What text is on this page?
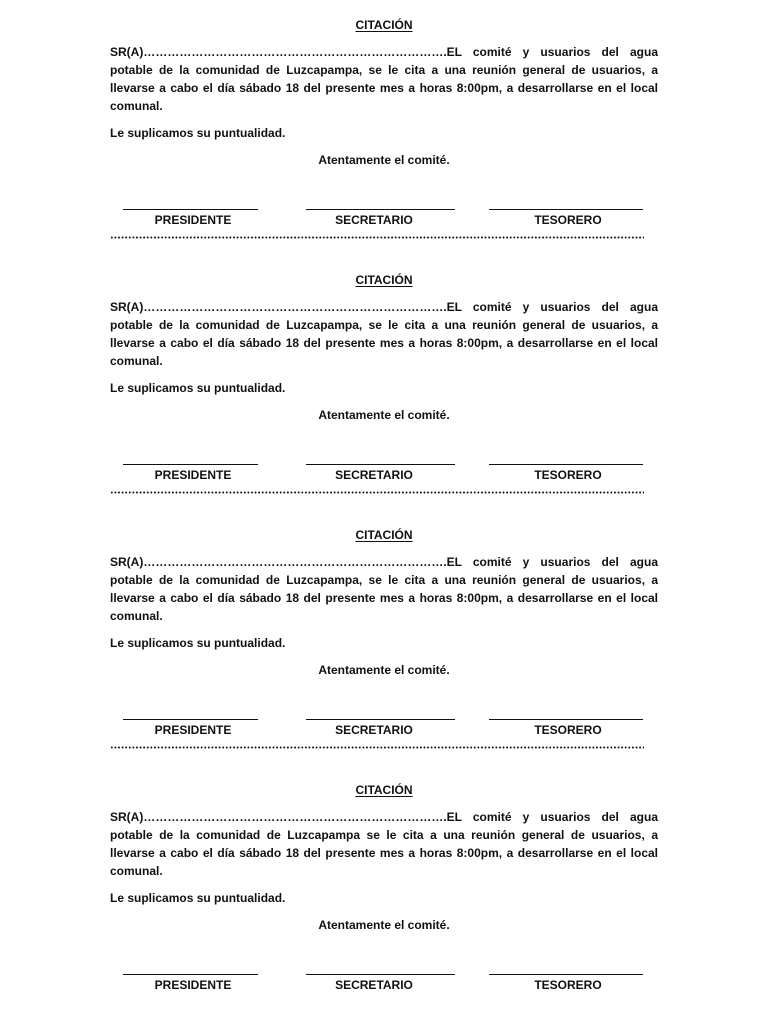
CITACIÓN
SR(A)………………………………………………………………….EL comité y usuarios del agua
potable de la comunidad de Luzcapampa, se le cita a una reunión general de usuarios, a
llevarse a cabo el día sábado 18 del presente mes a horas 8:00pm, a desarrollarse en el local
comunal.
Le suplicamos su puntualidad.
Atentamente el comité.
PRESIDENTE	SECRETARIO	TESORERO
CITACIÓN
SR(A)………………………………………………………………….EL comité y usuarios del agua
potable de la comunidad de Luzcapampa, se le cita a una reunión general de usuarios, a
llevarse a cabo el día sábado 18 del presente mes a horas 8:00pm, a desarrollarse en el local
comunal.
Le suplicamos su puntualidad.
Atentamente el comité.
PRESIDENTE	SECRETARIO	TESORERO
CITACIÓN
SR(A)………………………………………………………………….EL comité y usuarios del agua
potable de la comunidad de Luzcapampa, se le cita a una reunión general de usuarios, a
llevarse a cabo el día sábado 18 del presente mes a horas 8:00pm, a desarrollarse en el local
comunal.
Le suplicamos su puntualidad.
Atentamente el comité.
PRESIDENTE	SECRETARIO	TESORERO
CITACIÓN
SR(A)………………………………………………………………….EL comité y usuarios del agua
potable de la comunidad de Luzcapampa se le cita a una reunión general de usuarios, a
llevarse a cabo el día sábado 18 del presente mes a horas 8:00pm, a desarrollarse en el local
comunal.
Le suplicamos su puntualidad.
Atentamente el comité.
PRESIDENTE	SECRETARIO	TESORERO
